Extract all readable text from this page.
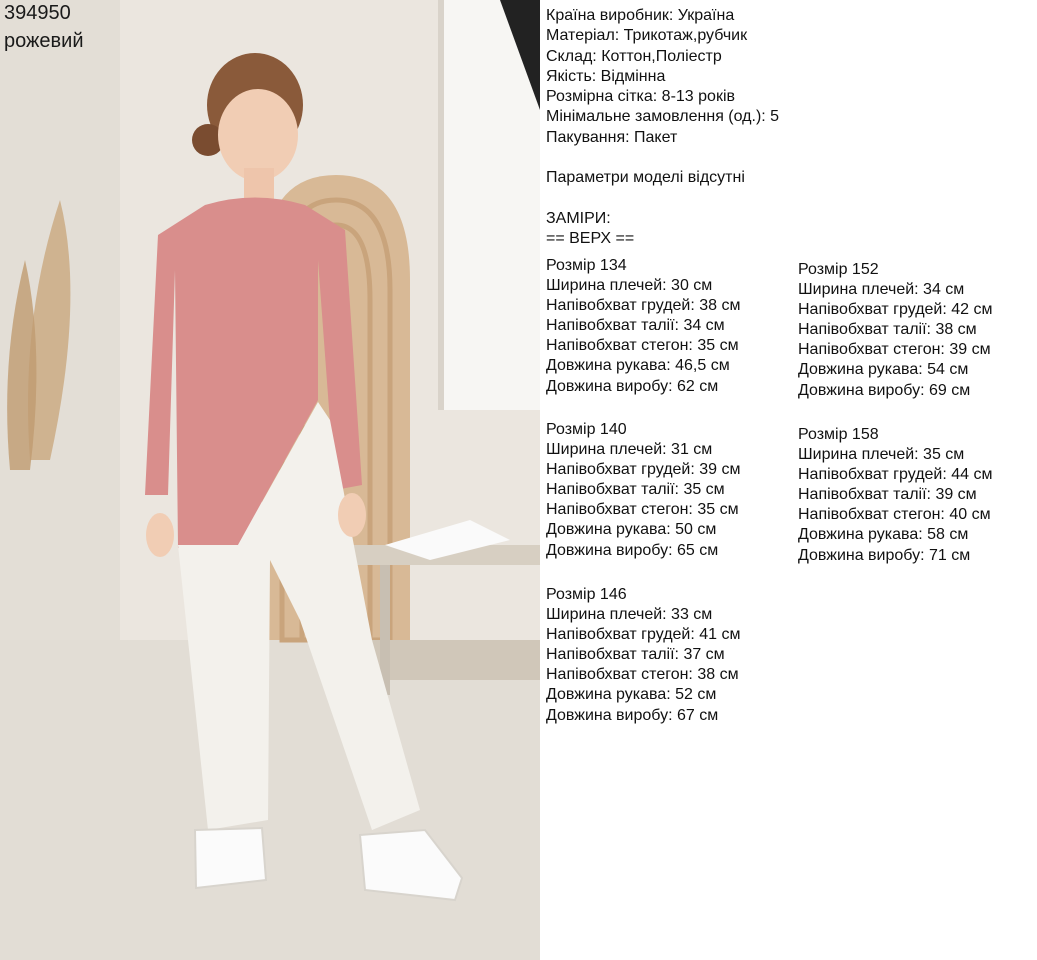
394950
рожевий
Країна виробник: Україна
Матеріал: Трикотаж,рубчик
Склад: Коттон,Поліестр
Якість: Відмінна
Розмірна сітка: 8-13 років
Мінімальне замовлення (од.): 5
Пакування: Пакет
Параметри моделі відсутні
ЗАМІРИ:
== ВЕРХ ==
Розмір 134
Ширина плечей: 30 см
Напівобхват грудей: 38 см
Напівобхват талії: 34 см
Напівобхват стегон: 35 см
Довжина рукава: 46,5 см
Довжина виробу: 62 см
Розмір 140
Ширина плечей: 31 см
Напівобхват грудей: 39 см
Напівобхват талії: 35 см
Напівобхват стегон: 35 см
Довжина рукава: 50 см
Довжина виробу: 65 см
Розмір 146
Ширина плечей: 33 см
Напівобхват грудей: 41 см
Напівобхват талії: 37 см
Напівобхват стегон: 38 см
Довжина рукава: 52 см
Довжина виробу: 67 см
Розмір 152
Ширина плечей: 34 см
Напівобхват грудей: 42 см
Напівобхват талії: 38 см
Напівобхват стегон: 39 см
Довжина рукава: 54 см
Довжина виробу: 69 см
Розмір 158
Ширина плечей: 35 см
Напівобхват грудей: 44 см
Напівобхват талії: 39 см
Напівобхват стегон: 40 см
Довжина рукава: 58 см
Довжина виробу: 71 см
